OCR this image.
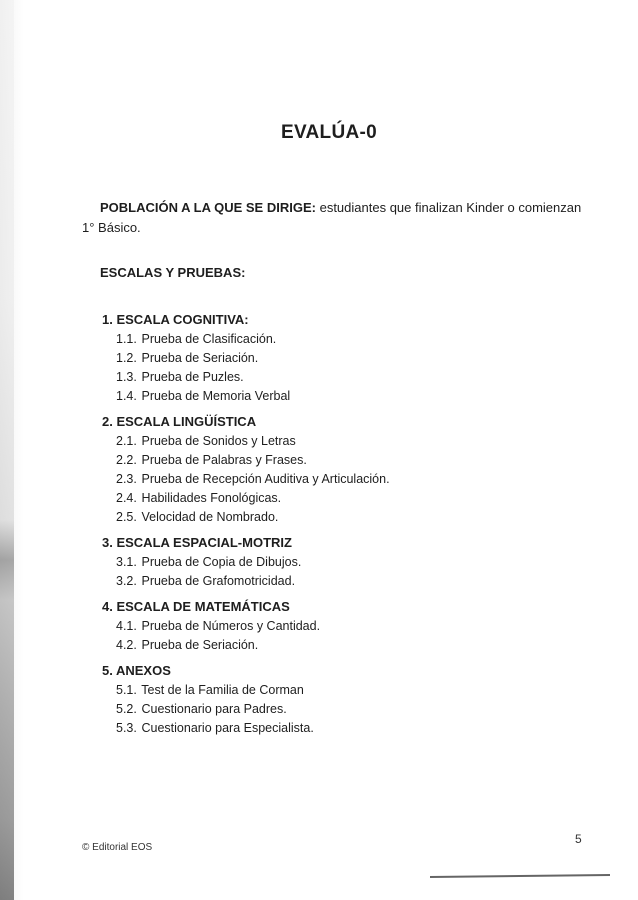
EVALÚA-0
POBLACIÓN A LA QUE SE DIRIGE: estudiantes que finalizan Kinder o comienzan 1° Básico.
ESCALAS Y PRUEBAS:
1. ESCALA COGNITIVA:
1.1. Prueba de Clasificación.
1.2. Prueba de Seriación.
1.3. Prueba de Puzles.
1.4. Prueba de Memoria Verbal
2. ESCALA LINGÜÍSTICA
2.1. Prueba de Sonidos y Letras
2.2. Prueba de Palabras y Frases.
2.3. Prueba de Recepción Auditiva y Articulación.
2.4. Habilidades Fonológicas.
2.5. Velocidad de Nombrado.
3. ESCALA ESPACIAL-MOTRIZ
3.1. Prueba de Copia de Dibujos.
3.2. Prueba de Grafomotricidad.
4. ESCALA DE MATEMÁTICAS
4.1. Prueba de Números y Cantidad.
4.2. Prueba de Seriación.
5. ANEXOS
5.1. Test de la Familia de Corman
5.2. Cuestionario para Padres.
5.3. Cuestionario para Especialista.
© Editorial EOS
5
